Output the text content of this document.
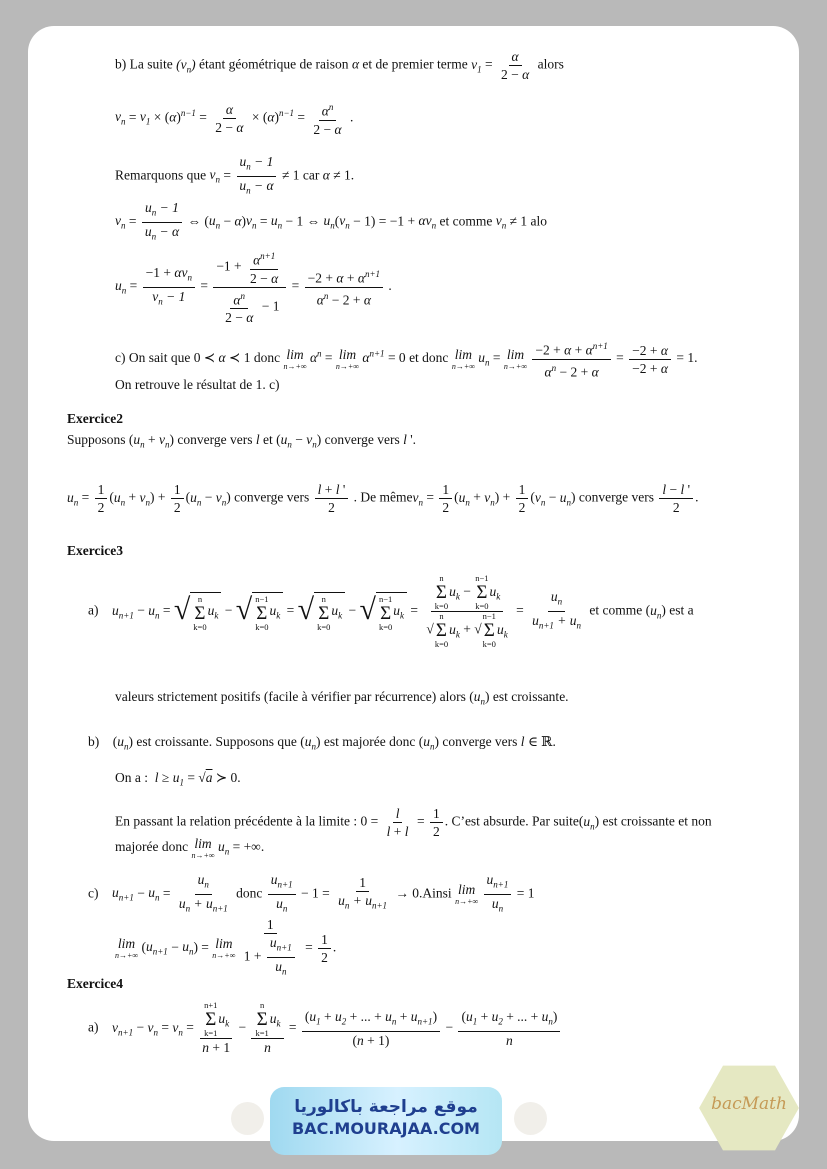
b) La suite $(v_n)$ étant géométrique de raison α et de premier terme $v_1 = \frac{\alpha}{2 - \alpha}$ alors
$v_n = v_1 \times (\alpha)^{n-1} = \frac{\alpha}{2 - \alpha} \times (\alpha)^{n-1} = \frac{\alpha^n}{2 - \alpha}$ .
Remarquons que $v_n = \frac{u_n - 1}{u_n - \alpha} \ne 1$ car α ≠ 1.
$v_n = \frac{u_n - 1}{u_n - \alpha}$ ⇔ $(u_n - \alpha)v_n = u_n - 1$ ⇔ $u_n(v_n - 1) = -1 + \alpha v_n$ et comme $v_n \ne 1$ alo
$u_n = \frac{-1 + \alpha v_n}{v_n - 1} = \frac{-1 + \frac{\alpha^{n+1}}{2 - \alpha}}{\frac{\alpha^n}{2 - \alpha} - 1} = \frac{-2 + \alpha + \alpha^{n+1}}{\alpha^n - 2 + \alpha}$ .
c) On sait que 0 ≺ α ≺ 1 donc lim
n→+∞
$\alpha^n = \lim$
n→+∞
$\alpha^{n+1} = 0$ et donc lim
n→+∞
$u_n = \lim$
n→+∞
$\frac{-2 + \alpha + \alpha^{n+1}}{\alpha^n - 2 + \alpha} = \frac{-2 + \alpha}{-2 + \alpha} = 1$.
On retrouve le résultat de 1. c)
Exercice2
Supposons $(u_n + v_n)$ converge vers l et $(u_n - v_n)$ converge vers l '.
$u_n = \frac{1}{2} (u_n + v_n) + \frac{1}{2} (u_n - v_n)$ converge vers $\frac{l + l '}{2}$ . De mêmev$_n$ = $\frac{1}{2} (u_n + v_n) + \frac{1}{2} (v_n - u_n)$ converge vers $\frac{l - l '}{2}$ .
Exercice3
a) $u_{n+1} - u_n$ = √ n
Σ
k=0
$u_k$ − √ n−1
Σ
k=0
$u_k$ = √ n
Σ
k=0
$u_k$ − √ n−1
Σ
k=0
$u_k = n$
Σ
k=0
$u_k$ −
n−1
Σ
k=0
$u_k$
√
n
Σ
k=0
$u_k$ + √
n−1
Σ
k=0
$u_k = \frac{u_n}{u_{n+1} + u_n}$ et comme $(u_n)$ est a
valeurs strictement positifs (facile à vérifier par récurrence) alors $(u_n)$ est croissante.
b)    $(u_n)$ est croissante. Supposons que $(u_n)$ est majorée donc $(u_n)$ converge vers l ∈ ℝ.
On a : $l \ge u_1 = √a$ ≻ 0.
En passant la relation précédente à la limite : $0 = \frac{l}{l + l} = \frac{1}{2}$ . C’est absurde. Par $suite(u_n)$ est croissante et non
majorée donc lim
n→+∞
$u_n$ = +∞.
c) $u_{n+1} - u_n = \frac{u_n}{u_n + u_{n+1}}$ donc $\frac{u_{n+1}}{u_n} - 1 = \frac{1}{u_n + u_{n+1}}$ → 0.Ainsi lim
n→+∞
$\frac{u_{n+1}}{u_n} = 1$
lim
n→+∞
$(u_{n+1} - u_n) = \lim$
n→+∞
$\frac{1}{1 + \frac{u_{n+1}}{u_n}} = \frac{1}{2}$ .
Exercice4
a) $v_{n+1} - v_n = v_n = n+1$
Σ
k=1
$u_k$
n + 1 − n
Σ
k=1
$u_k$
$n = \frac{(u_1 + u_2 + ... + u_n + u_{n+1})}{(n + 1)} - \frac{(u_1 + u_2 + ... + u_n)}{n}$
موقع مراجعة باكالوريا
BAC.MOURAJAA.COM
bacMath
